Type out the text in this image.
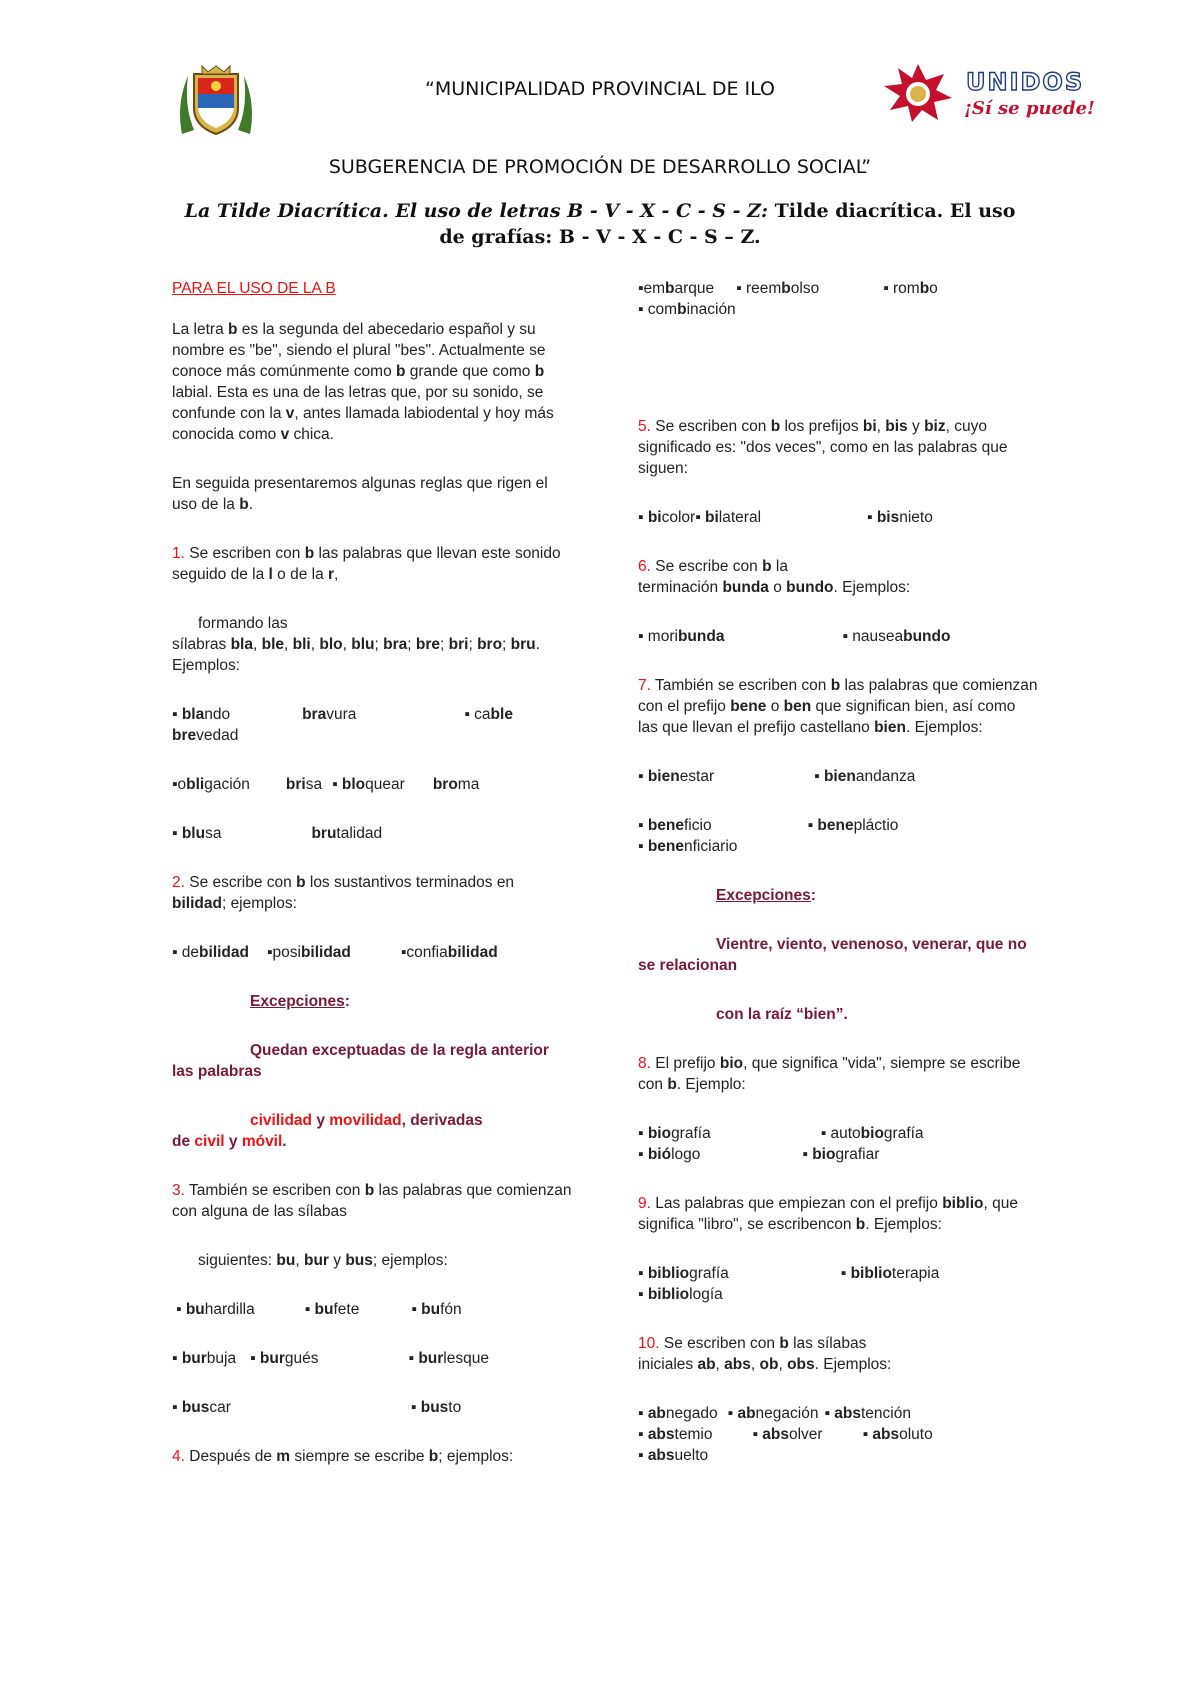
UNIDOS
¡Sí se puede!
“MUNICIPALIDAD PROVINCIAL DE ILO
SUBGERENCIA DE PROMOCIÓN DE DESARROLLO SOCIAL”
La Tilde Diacrítica. El uso de letras B - V - X - C - S - Z: Tilde diacrítica. El uso de grafías: B - V - X - C - S – Z.

PARA EL USO DE LA B

La letra b es la segunda del abecedario español y su nombre es "be", siendo el plural "bes". Actualmente se conoce más comúnmente como b grande que como b labial. Esta es una de las letras que, por su sonido, se confunde con la v, antes llamada labiodental y hoy más conocida como v chica.

En seguida presentaremos algunas reglas que rigen el uso de la b.

1. Se escriben con b las palabras que llevan este sonido seguido de la l o de la r,

formando las
sílabras bla, ble, bli, blo, blu; bra; bre; bri; bro; bru. Ejemplos:

▪ blando	bravura	▪ cable
brevedad

▪obligación brisa ▪ bloquear broma

▪ blusa	brutalidad

2. Se escribe con b los sustantivos terminados en bilidad; ejemplos:

▪ debilidad ▪posibilidad	▪confiabilidad

Excepciones:

Quedan exceptuadas de la regla anterior las palabras

civilidad y movilidad, derivadas
de civil y móvil.

3. También se escriben con b las palabras que comienzan con alguna de las sílabas

siguientes: bu, bur y bus; ejemplos:

▪ buhardilla	▪ bufete	▪ bufón

▪ burbuja ▪ burgués	▪ burlesque

▪ buscar	▪ busto

4. Después de m siempre se escribe b; ejemplos:

▪embarque ▪ reembolso	▪ rombo
▪ combinación

5. Se escriben con b los prefijos bi, bis y biz, cuyo significado es: "dos veces", como en las palabras que siguen:

▪ bicolor▪ bilateral	▪ bisnieto

6. Se escribe con b la
terminación bunda o bundo. Ejemplos:

▪ moribunda	▪ nauseabundo

7. También se escriben con b las palabras que comienzan con el prefijo bene o ben que significan bien, así como las que llevan el prefijo castellano bien. Ejemplos:

▪ bienestar	▪ bienandanza

▪ beneficio	▪ benepláctio
▪ benenficiario

Excepciones:

Vientre, viento, venenoso, venerar, que no se relacionan

con la raíz “bien”.

8. El prefijo bio, que significa "vida", siempre se escribe con b. Ejemplo:

▪ biografía	▪ autobiografía
▪ biólogo	▪ biografiar

9. Las palabras que empiezan con el prefijo biblio, que significa "libro", se escribencon b. Ejemplos:

▪ bibliografía	▪ biblioterapia
▪ bibliología

10. Se escriben con b las sílabas
iniciales ab, abs, ob, obs. Ejemplos:

▪ abnegado ▪ abnegación ▪ abstención
▪ abstemio	▪ absolver	▪ absoluto
▪ absuelto
